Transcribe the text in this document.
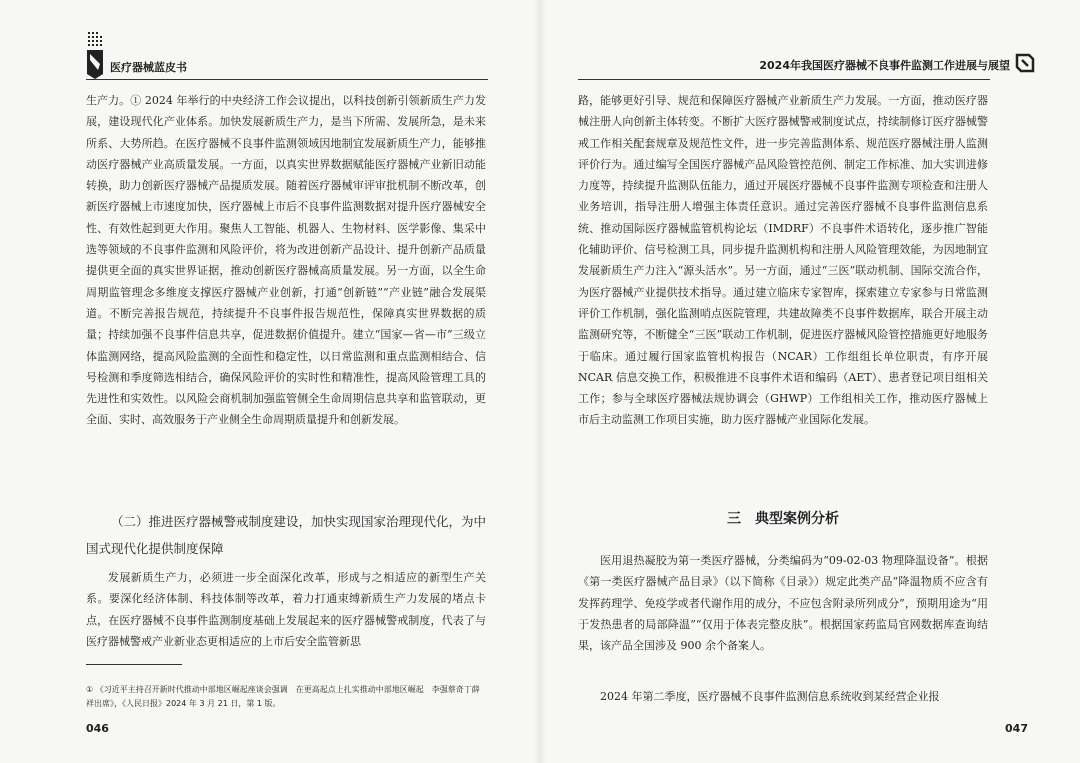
医疗器械蓝皮书

生产力。① 2024 年举行的中央经济工作会议提出，以科技创新引领新质生产力发展，建设现代化产业体系。加快发展新质生产力，是当下所需、发展所急，是未来所系、大势所趋。在医疗器械不良事件监测领域因地制宜发展新质生产力，能够推动医疗器械产业高质量发展。一方面，以真实世界数据赋能医疗器械产业新旧动能转换，助力创新医疗器械产品提质发展。随着医疗器械审评审批机制不断改革，创新医疗器械上市速度加快，医疗器械上市后不良事件监测数据对提升医疗器械安全性、有效性起到更大作用。聚焦人工智能、机器人、生物材料、医学影像、集采中选等领域的不良事件监测和风险评价，将为改进创新产品设计、提升创新产品质量提供更全面的真实世界证据，推动创新医疗器械高质量发展。另一方面，以全生命周期监管理念多维度支撑医疗器械产业创新，打通“创新链”“产业链”融合发展渠道。不断完善报告规范，持续提升不良事件报告规范性，保障真实世界数据的质量；持续加强不良事件信息共享，促进数据价值提升。建立“国家—省—市”三级立体监测网络，提高风险监测的全面性和稳定性，以日常监测和重点监测相结合、信号检测和季度筛选相结合，确保风险评价的实时性和精准性，提高风险管理工具的先进性和实效性。以风险会商机制加强监管侧全生命周期信息共享和监管联动，更全面、实时、高效服务于产业侧全生命周期质量提升和创新发展。

（二）推进医疗器械警戒制度建设，加快实现国家治理现代化，为中国式现代化提供制度保障

发展新质生产力，必须进一步全面深化改革，形成与之相适应的新型生产关系。要深化经济体制、科技体制等改革，着力打通束缚新质生产力发展的堵点卡点，在医疗器械不良事件监测制度基础上发展起来的医疗器械警戒制度，代表了与医疗器械警戒产业新业态更相适应的上市后安全监管新思

① 《习近平主持召开新时代推动中部地区崛起座谈会强调　在更高起点上扎实推动中部地区崛起　李强蔡奇丁薛祥出席》，《人民日报》2024 年 3 月 21 日，第 1 版。

046
2024年我国医疗器械不良事件监测工作进展与展望

路，能够更好引导、规范和保障医疗器械产业新质生产力发展。一方面，推动医疗器械注册人向创新主体转变。不断扩大医疗器械警戒制度试点，持续制修订医疗器械警戒工作相关配套规章及规范性文件，进一步完善监测体系、规范医疗器械注册人监测评价行为。通过编写全国医疗器械产品风险管控范例、制定工作标准、加大实训进修力度等，持续提升监测队伍能力，通过开展医疗器械不良事件监测专项检查和注册人业务培训，指导注册人增强主体责任意识。通过完善医疗器械不良事件监测信息系统、推动国际医疗器械监管机构论坛（IMDRF）不良事件术语转化，逐步推广智能化辅助评价、信号检测工具，同步提升监测机构和注册人风险管理效能，为因地制宜发展新质生产力注入“源头活水”。另一方面，通过“三医”联动机制、国际交流合作，为医疗器械产业提供技术指导。通过建立临床专家智库，探索建立专家参与日常监测评价工作机制，强化监测哨点医院管理，共建故障类不良事件数据库，联合开展主动监测研究等，不断健全“三医”联动工作机制，促进医疗器械风险管控措施更好地服务于临床。通过履行国家监管机构报告（NCAR）工作组组长单位职责，有序开展 NCAR 信息交换工作，积极推进不良事件术语和编码（AET）、患者登记项目组相关工作；参与全球医疗器械法规协调会（GHWP）工作组相关工作，推动医疗器械上市后主动监测工作项目实施，助力医疗器械产业国际化发展。

三　典型案例分析

医用退热凝胶为第一类医疗器械，分类编码为“09-02-03 物理降温设备”。根据《第一类医疗器械产品目录》（以下简称《目录》）规定此类产品“降温物质不应含有发挥药理学、免疫学或者代谢作用的成分，不应包含附录所列成分”，预期用途为“用于发热患者的局部降温”“仅用于体表完整皮肤”。根据国家药监局官网数据库查询结果，该产品全国涉及 900 余个备案人。

2024 年第二季度，医疗器械不良事件监测信息系统收到某经营企业报

047
